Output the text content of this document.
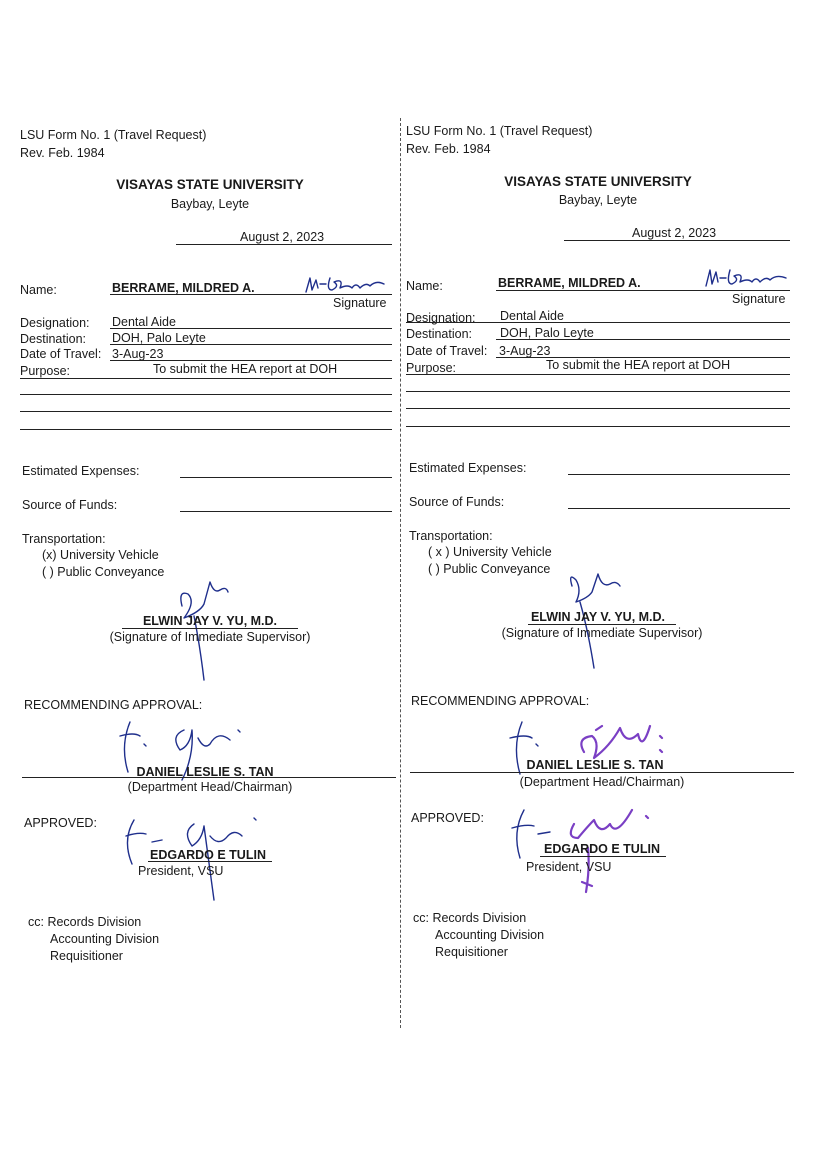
LSU Form No. 1 (Travel Request)
Rev. Feb. 1984
VISAYAS STATE UNIVERSITY
Baybay, Leyte
August 2, 2023
Name:	BERRAME, MILDRED A.
Signature
Designation: Dental Aide
Destination: DOH, Palo Leyte
Date of Travel: 3-Aug-23
Purpose:	To submit the HEA report at DOH
Estimated Expenses:
Source of Funds:
Transportation:
(x) University Vehicle
( ) Public Conveyance
ELWIN JAY V. YU, M.D.
(Signature of Immediate Supervisor)
RECOMMENDING APPROVAL:
DANIEL LESLIE S. TAN
(Department Head/Chairman)
APPROVED:
EDGARDO E TULIN
President, VSU
cc: Records Division
Accounting Division
Requisitioner
LSU Form No. 1 (Travel Request)
Rev. Feb. 1984
VISAYAS STATE UNIVERSITY
Baybay, Leyte
August 2, 2023
Name:	BERRAME, MILDRED A.
Signature
Designation: Dental Aide
Destination: DOH, Palo Leyte
Date of Travel: 3-Aug-23
Purpose:	To submit the HEA report at DOH
Estimated Expenses:
Source of Funds:
Transportation:
( x ) University Vehicle
( ) Public Conveyance
ELWIN JAY V. YU, M.D.
(Signature of Immediate Supervisor)
RECOMMENDING APPROVAL:
DANIEL LESLIE S. TAN
(Department Head/Chairman)
APPROVED:
EDGARDO E TULIN
President, VSU
cc: Records Division
Accounting Division
Requisitioner
